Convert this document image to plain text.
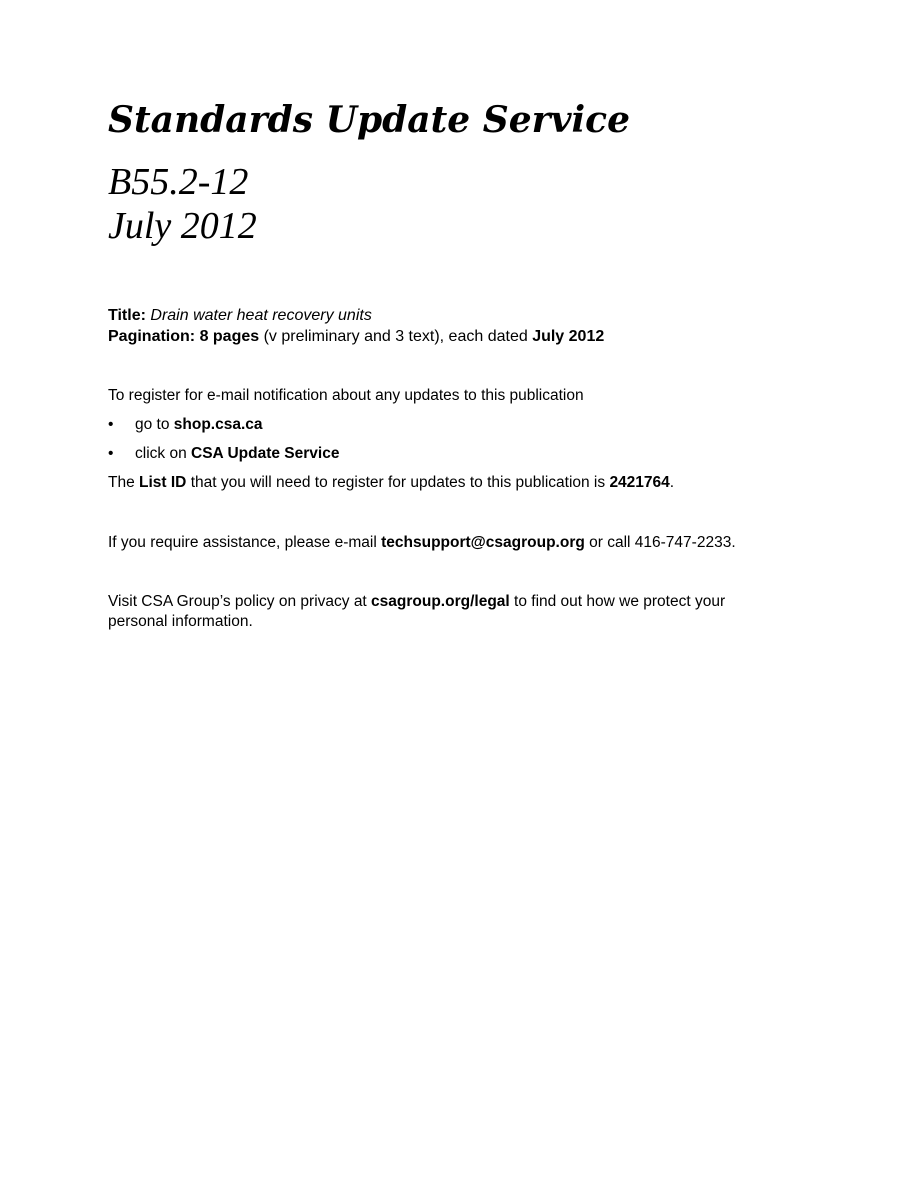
Standards Update Service
B55.2-12
July 2012
Title: Drain water heat recovery units
Pagination: 8 pages (v preliminary and 3 text), each dated July 2012
To register for e-mail notification about any updates to this publication
• go to shop.csa.ca
• click on CSA Update Service
The List ID that you will need to register for updates to this publication is 2421764.
If you require assistance, please e-mail techsupport@csagroup.org or call 416-747-2233.

Visit CSA Group’s policy on privacy at csagroup.org/legal to find out how we protect your personal information.
